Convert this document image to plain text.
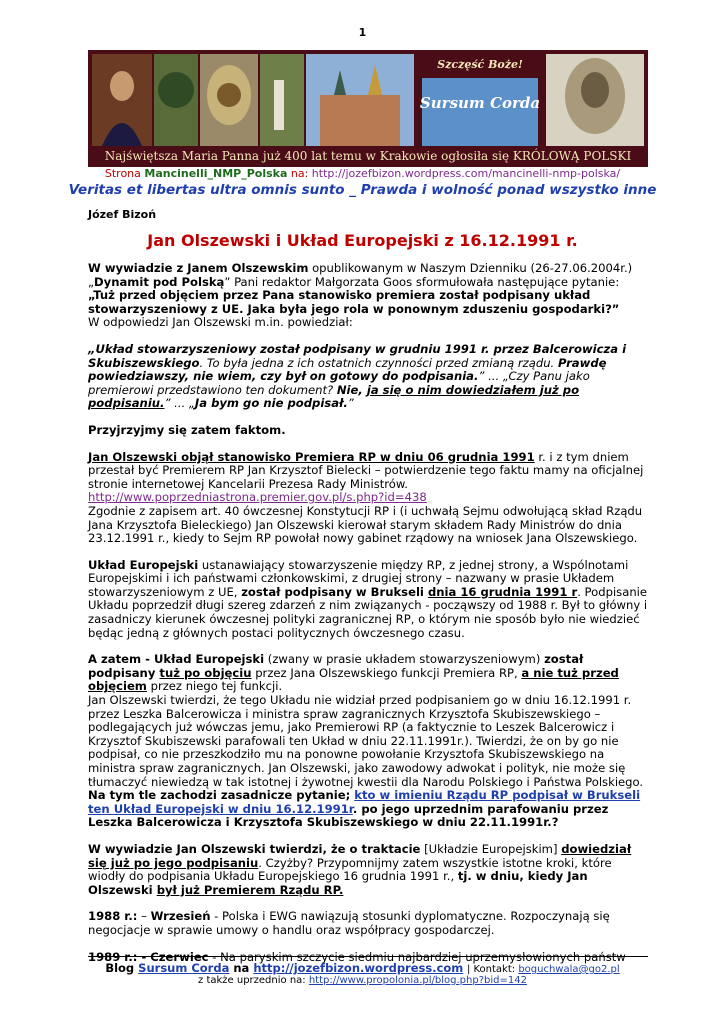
1
Szczęść Boże!
Sursum Corda
Najświętsza Maria Panna już 400 lat temu w Krakowie ogłosiła się KRÓLOWĄ POLSKI
Strona Mancinelli_NMP_Polska na: http://jozefbizon.wordpress.com/mancinelli-nmp-polska/
Veritas et libertas ultra omnis sunto _ Prawda i wolność ponad wszystko inne
Józef Bizoń
Jan Olszewski i Układ Europejski z 16.12.1991 r.

W wywiadzie z Janem Olszewskim opublikowanym w Naszym Dzienniku (26-27.06.2004r.) „Dynamit pod Polską” Pani redaktor Małgorzata Goos sformułowała następujące pytanie: „Tuż przed objęciem przez Pana stanowisko premiera został podpisany układ stowarzyszeniowy z UE. Jaka była jego rola w ponownym zduszeniu gospodarki?”
W odpowiedzi Jan Olszewski m.in. powiedział:

„Układ stowarzyszeniowy został podpisany w grudniu 1991 r. przez Balcerowicza i Skubiszewskiego. To była jedna z ich ostatnich czynności przed zmianą rządu. Prawdę powiedziawszy, nie wiem, czy był on gotowy do podpisania.” ... „Czy Panu jako premierowi przedstawiono ten dokument? Nie, ja się o nim dowiedziałem już po podpisaniu.” ... „Ja bym go nie podpisał.”

Przyjrzyjmy się zatem faktom.

Jan Olszewski objął stanowisko Premiera RP w dniu 06 grudnia 1991 r. i z tym dniem przestał być Premierem RP Jan Krzysztof Bielecki – potwierdzenie tego faktu mamy na oficjalnej stronie internetowej Kancelarii Prezesa Rady Ministrów.
http://www.poprzedniastrona.premier.gov.pl/s.php?id=438
Zgodnie z zapisem art. 40 ówczesnej Konstytucji RP i (i uchwałą Sejmu odwołującą skład Rządu Jana Krzysztofa Bieleckiego) Jan Olszewski kierował starym składem Rady Ministrów do dnia 23.12.1991 r., kiedy to Sejm RP powołał nowy gabinet rządowy na wniosek Jana Olszewskiego.

Układ Europejski ustanawiający stowarzyszenie między RP, z jednej strony, a Wspólnotami Europejskimi i ich państwami członkowskimi, z drugiej strony – nazwany w prasie Układem stowarzyszeniowym z UE, został podpisany w Brukseli dnia 16 grudnia 1991 r. Podpisanie Układu poprzedził długi szereg zdarzeń z nim związanych - począwszy od 1988 r. Był to główny i zasadniczy kierunek ówczesnej polityki zagranicznej RP, o którym nie sposób było nie wiedzieć będąc jedną z głównych postaci politycznych ówczesnego czasu.

A zatem - Układ Europejski (zwany w prasie układem stowarzyszeniowym) został podpisany tuż po objęciu przez Jana Olszewskiego funkcji Premiera RP, a nie tuż przed objęciem przez niego tej funkcji.
Jan Olszewski twierdzi, że tego Układu nie widział przed podpisaniem go w dniu 16.12.1991 r. przez Leszka Balcerowicza i ministra spraw zagranicznych Krzysztofa Skubiszewskiego – podlegających już wówczas jemu, jako Premierowi RP (a faktycznie to Leszek Balcerowicz i Krzysztof Skubiszewski parafowali ten Układ w dniu 22.11.1991r.). Twierdzi, że on by go nie podpisał, co nie przeszkodziło mu na ponowne powołanie Krzysztofa Skubiszewskiego na ministra spraw zagranicznych. Jan Olszewski, jako zawodowy adwokat i polityk, nie może się tłumaczyć niewiedzą w tak istotnej i żywotnej kwestii dla Narodu Polskiego i Państwa Polskiego.
Na tym tle zachodzi zasadnicze pytanie; kto w imieniu Rządu RP podpisał w Brukseli ten Układ Europejski w dniu 16.12.1991r. po jego uprzednim parafowaniu przez Leszka Balcerowicza i Krzysztofa Skubiszewskiego w dniu 22.11.1991r.?

W wywiadzie Jan Olszewski twierdzi, że o traktacie [Układzie Europejskim] dowiedział się już po jego podpisaniu. Czyżby? Przypomnijmy zatem wszystkie istotne kroki, które wiodły do podpisania Układu Europejskiego 16 grudnia 1991 r., tj. w dniu, kiedy Jan Olszewski był już Premierem Rządu RP.

1988 r.: – Wrzesień - Polska i EWG nawiązują stosunki dyplomatyczne. Rozpoczynają się negocjacje w sprawie umowy o handlu oraz współpracy gospodarczej.

1989 r.: - Czerwiec - Na paryskim szczycie siedmiu najbardziej uprzemysłowionych państw

Blog Sursum Corda na http://jozefbizon.wordpress.com | Kontakt: boguchwala@go2.pl
z także uprzednio na: http://www.propolonia.pl/blog.php?bid=142
